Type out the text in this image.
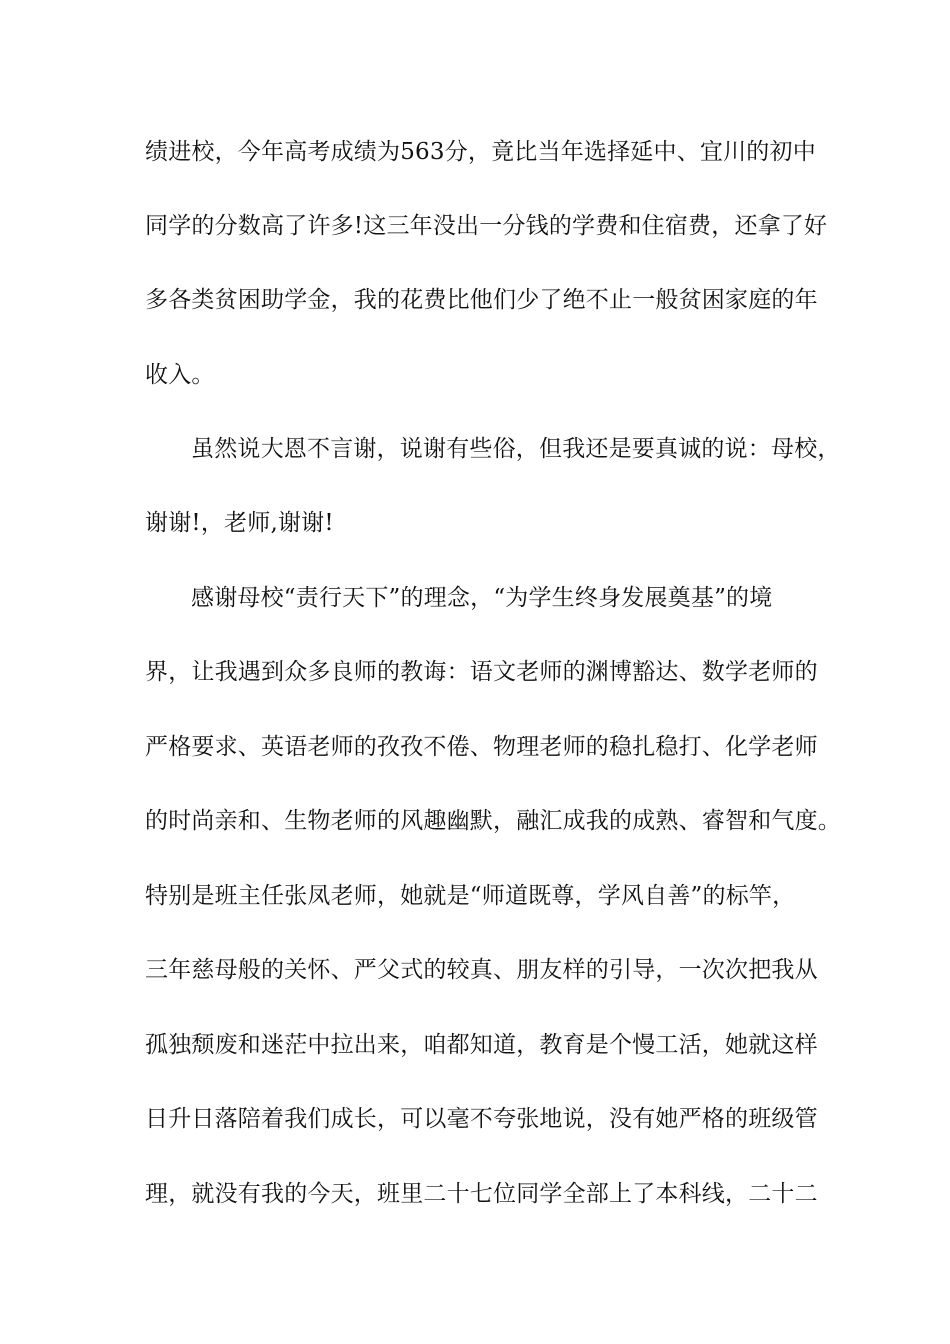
绩进校，今年高考成绩为563分，竟比当年选择延中、宜川的初中
同学的分数高了许多!这三年没出一分钱的学费和住宿费，还拿了好
多各类贫困助学金，我的花费比他们少了绝不止一般贫困家庭的年
收入。
虽然说大恩不言谢，说谢有些俗，但我还是要真诚的说：母校，
谢谢!，老师,谢谢!
感谢母校“责行天下”的理念，“为学生终身发展奠基”的境
界，让我遇到众多良师的教诲：语文老师的渊博豁达、数学老师的
严格要求、英语老师的孜孜不倦、物理老师的稳扎稳打、化学老师
的时尚亲和、生物老师的风趣幽默，融汇成我的成熟、睿智和气度。
特别是班主任张凤老师，她就是“师道既尊，学风自善”的标竿，
三年慈母般的关怀、严父式的较真、朋友样的引导，一次次把我从
孤独颓废和迷茫中拉出来，咱都知道，教育是个慢工活，她就这样
日升日落陪着我们成长，可以毫不夸张地说，没有她严格的班级管
理，就没有我的今天，班里二十七位同学全部上了本科线，二十二
